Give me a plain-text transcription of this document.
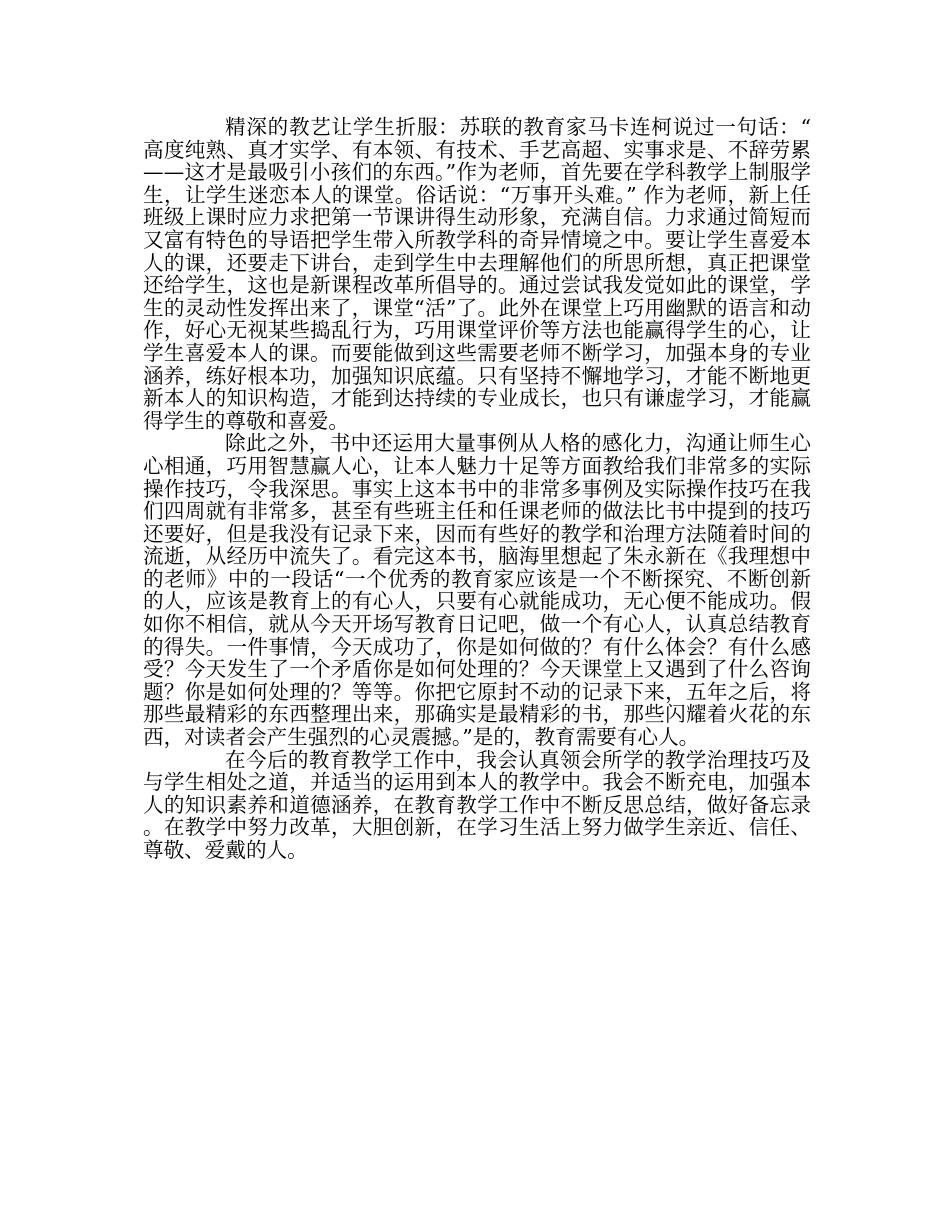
精深的教艺让学生折服：苏联的教育家马卡连柯说过一句话：“高度纯熟、真才实学、有本领、有技术、手艺高超、实事求是、不辞劳累——这才是最吸引小孩们的东西。”作为老师，首先要在学科教学上制服学生，让学生迷恋本人的课堂。俗话说：“万事开头难。” 作为老师，新上任班级上课时应力求把第一节课讲得生动形象，充满自信。力求通过简短而又富有特色的导语把学生带入所教学科的奇异情境之中。要让学生喜爱本人的课，还要走下讲台，走到学生中去理解他们的所思所想，真正把课堂还给学生，这也是新课程改革所倡导的。通过尝试我发觉如此的课堂，学生的灵动性发挥出来了，课堂“活”了。此外在课堂上巧用幽默的语言和动作，好心无视某些捣乱行为，巧用课堂评价等方法也能赢得学生的心，让学生喜爱本人的课。而要能做到这些需要老师不断学习，加强本身的专业涵养，练好根本功，加强知识底蕴。只有坚持不懈地学习，才能不断地更新本人的知识构造，才能到达持续的专业成长，也只有谦虚学习，才能赢得学生的尊敬和喜爱。

除此之外，书中还运用大量事例从人格的感化力，沟通让师生心心相通，巧用智慧赢人心，让本人魅力十足等方面教给我们非常多的实际操作技巧，令我深思。事实上这本书中的非常多事例及实际操作技巧在我们四周就有非常多，甚至有些班主任和任课老师的做法比书中提到的技巧还要好，但是我没有记录下来，因而有些好的教学和治理方法随着时间的流逝，从经历中流失了。看完这本书，脑海里想起了朱永新在《我理想中的老师》中的一段话“一个优秀的教育家应该是一个不断探究、不断创新的人，应该是教育上的有心人，只要有心就能成功，无心便不能成功。假如你不相信，就从今天开场写教育日记吧，做一个有心人，认真总结教育的得失。一件事情，今天成功了，你是如何做的？有什么体会？有什么感受？今天发生了一个矛盾你是如何处理的？今天课堂上又遇到了什么咨询题？你是如何处理的？等等。你把它原封不动的记录下来，五年之后，将那些最精彩的东西整理出来，那确实是最精彩的书，那些闪耀着火花的东西，对读者会产生强烈的心灵震撼。”是的，教育需要有心人。

在今后的教育教学工作中，我会认真领会所学的教学治理技巧及与学生相处之道，并适当的运用到本人的教学中。我会不断充电，加强本人的知识素养和道德涵养，在教育教学工作中不断反思总结，做好备忘录。在教学中努力改革，大胆创新，在学习生活上努力做学生亲近、信任、尊敬、爱戴的人。
